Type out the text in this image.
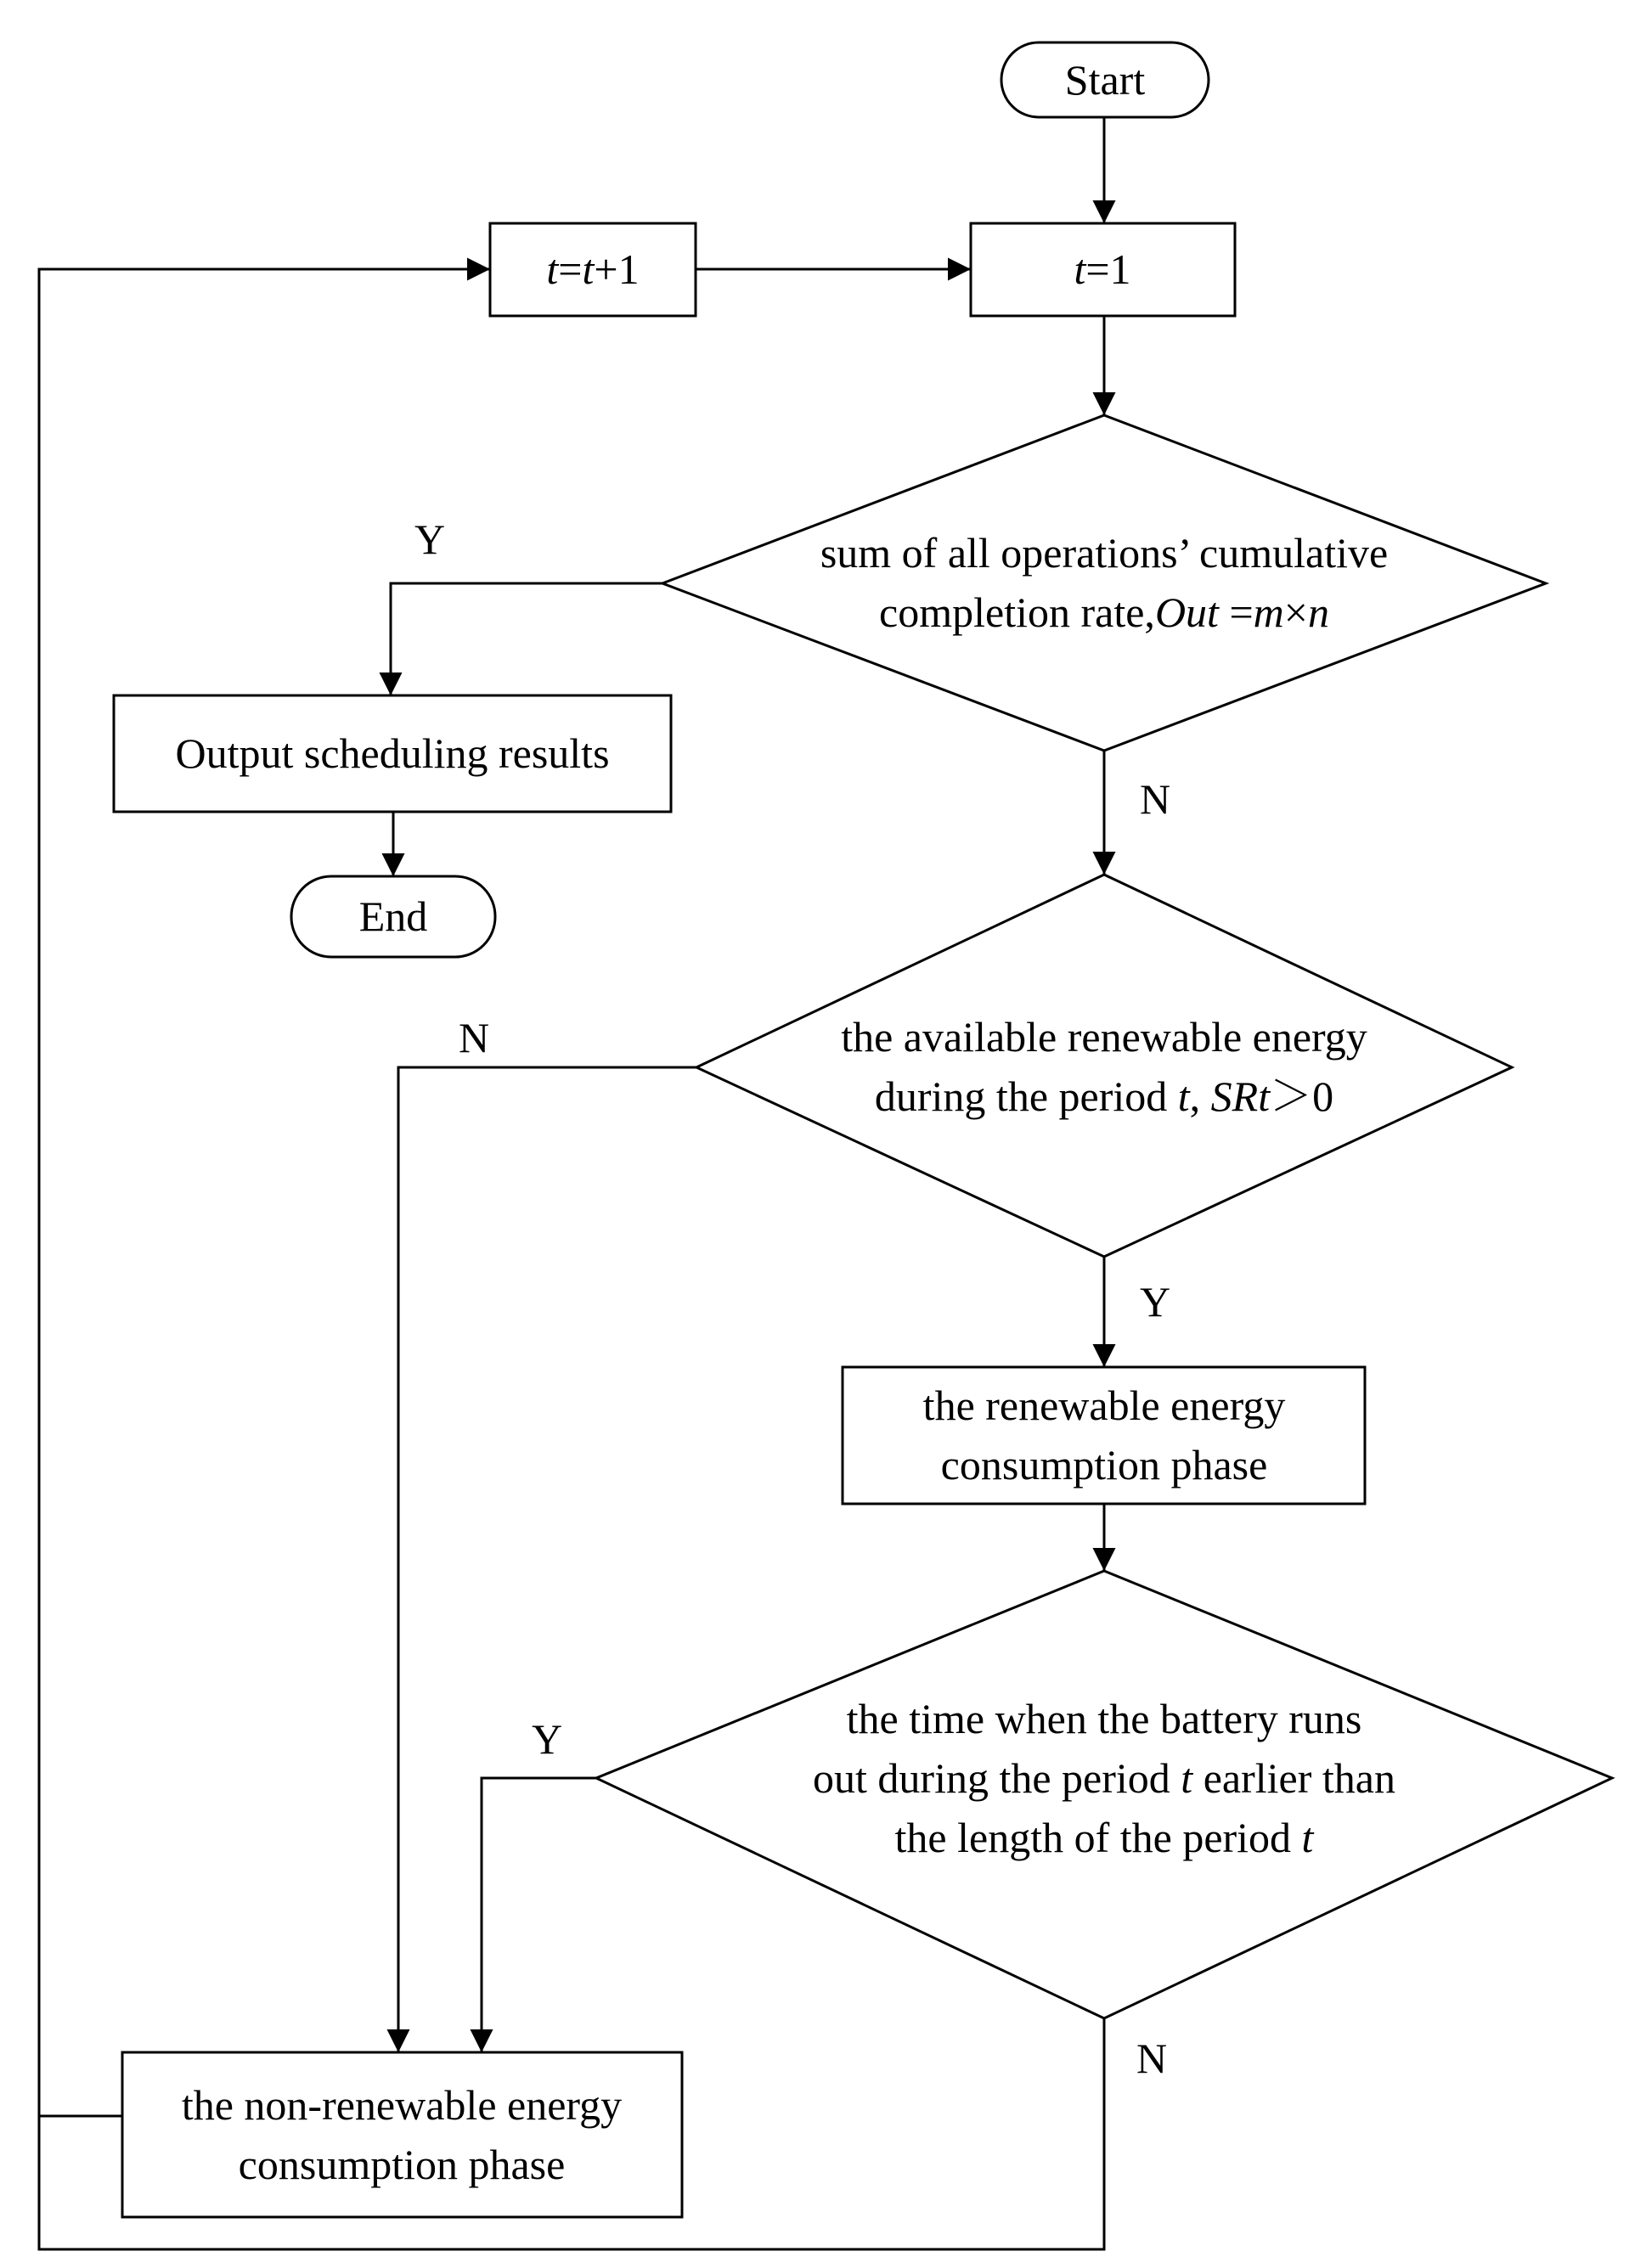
Start
t=t+1	t=1
sum of all operations’ cumulative
completion rate,Out =m×n
Output scheduling results
End
the available renewable energy
during the period t, SRt＞0
the renewable energy
consumption phase
the time when the battery runs
out during the period t earlier than
the length of the period t
the non-renewable energy
consumption phase
Y
N
N
Y
Y
N
